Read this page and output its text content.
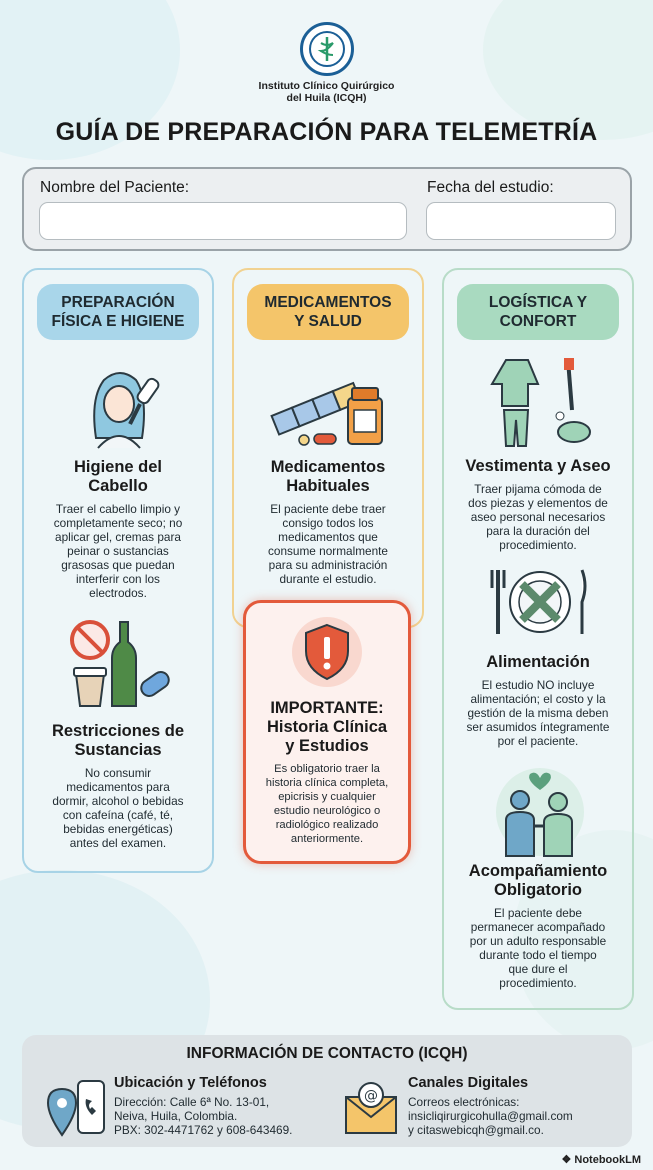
Instituto Clínico Quirúrgico
del Huila (ICQH)
GUÍA DE PREPARACIÓN PARA TELEMETRÍA
Nombre del Paciente:	Fecha del estudio:
PREPARACIÓN
FÍSICA E HIGIENE
Higiene del
Cabello
Traer el cabello limpio y
completamente seco; no
aplicar gel, cremas para
peinar o sustancias
grasosas que puedan
interferir con los
electrodos.
Restricciones de
Sustancias
No consumir
medicamentos para
dormir, alcohol o bebidas
con cafeína (café, té,
bebidas energéticas)
antes del examen.
MEDICAMENTOS
Y SALUD
Medicamentos
Habituales
El paciente debe traer
consigo todos los
medicamentos que
consume normalmente
para su administración
durante el estudio.
IMPORTANTE:
Historia Clínica
y Estudios
Es obligatorio traer la
historia clínica completa,
epicrisis y cualquier
estudio neurológico o
radiológico realizado
anteriormente.
LOGÍSTICA Y
CONFORT
Vestimenta y Aseo
Traer pijama cómoda de
dos piezas y elementos de
aseo personal necesarios
para la duración del
procedimiento.
Alimentación
El estudio NO incluye
alimentación; el costo y la
gestión de la misma deben
ser asumidos íntegramente
por el paciente.
Acompañamiento
Obligatorio
El paciente debe
permanecer acompañado
por un adulto responsable
durante todo el tiempo
que dure el
procedimiento.
INFORMACIÓN DE CONTACTO (ICQH)
Ubicación y Teléfonos
Dirección: Calle 6ª No. 13-01,
Neiva, Huila, Colombia.
PBX: 302-4471762 y 608-643469.
@
Canales Digitales
Correos electrónicas:
insicliqirurgicohulla@gmail.com
y citaswebicqh@gmail.co.
❖ NotebookLM
